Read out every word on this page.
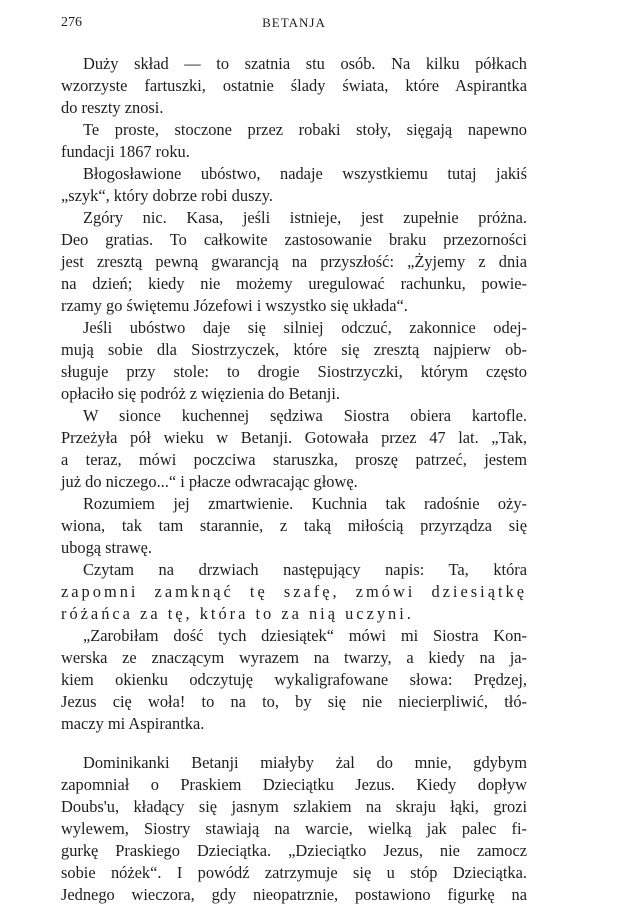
276	BETANJA
Duży skład — to szatnia stu osób. Na kilku półkach
wzorzyste fartuszki, ostatnie ślady świata, które Aspirantka
do reszty znosi.
Te proste, stoczone przez robaki stoły, sięgają napewno
fundacji 1867 roku.
Błogosławione ubóstwo, nadaje wszystkiemu tutaj jakiś
„szyk“, który dobrze robi duszy.
Zgóry nic. Kasa, jeśli istnieje, jest zupełnie próżna.
Deo gratias. To całkowite zastosowanie braku przezorności
jest zresztą pewną gwarancją na przyszłość: „Żyjemy z dnia
na dzień; kiedy nie możemy uregulować rachunku, powie-
rzamy go świętemu Józefowi i wszystko się układa“.
Jeśli ubóstwo daje się silniej odczuć, zakonnice odej-
mują sobie dla Siostrzyczek, które się zresztą najpierw ob-
sługuje przy stole: to drogie Siostrzyczki, którym często
opłaciło się podróż z więzienia do Betanji.
W sionce kuchennej sędziwa Siostra obiera kartofle.
Przeżyła pół wieku w Betanji. Gotowała przez 47 lat. „Tak,
a teraz, mówi poczciwa staruszka, proszę patrzeć, jestem
już do niczego...“ i płacze odwracając głowę.
Rozumiem jej zmartwienie. Kuchnia tak radośnie oży-
wiona, tak tam starannie, z taką miłością przyrządza się
ubogą strawę.
Czytam na drzwiach następujący napis: Ta, która
zapomni zamknąć tę szafę, zmówi dziesiątkę
różańca za tę, która to za nią uczyni.
„Zarobiłam dość tych dziesiątek“ mówi mi Siostra Kon-
werska ze znaczącym wyrazem na twarzy, a kiedy na ja-
kiem okienku odczytuję wykaligrafowane słowa: Prędzej,
Jezus cię woła! to na to, by się nie niecierpliwić, tłó-
maczy mi Aspirantka.
Dominikanki Betanji miałyby żal do mnie, gdybym
zapomniał o Praskiem Dzieciątku Jezus. Kiedy dopływ
Doubs'u, kładący się jasnym szlakiem na skraju łąki, grozi
wylewem, Siostry stawiają na warcie, wielką jak palec fi-
gurkę Praskiego Dzieciątka. „Dzieciątko Jezus, nie zamocz
sobie nóżek“. I powódź zatrzymuje się u stóp Dzieciątka.
Jednego wieczora, gdy nieopatrznie, postawiono figurkę na
